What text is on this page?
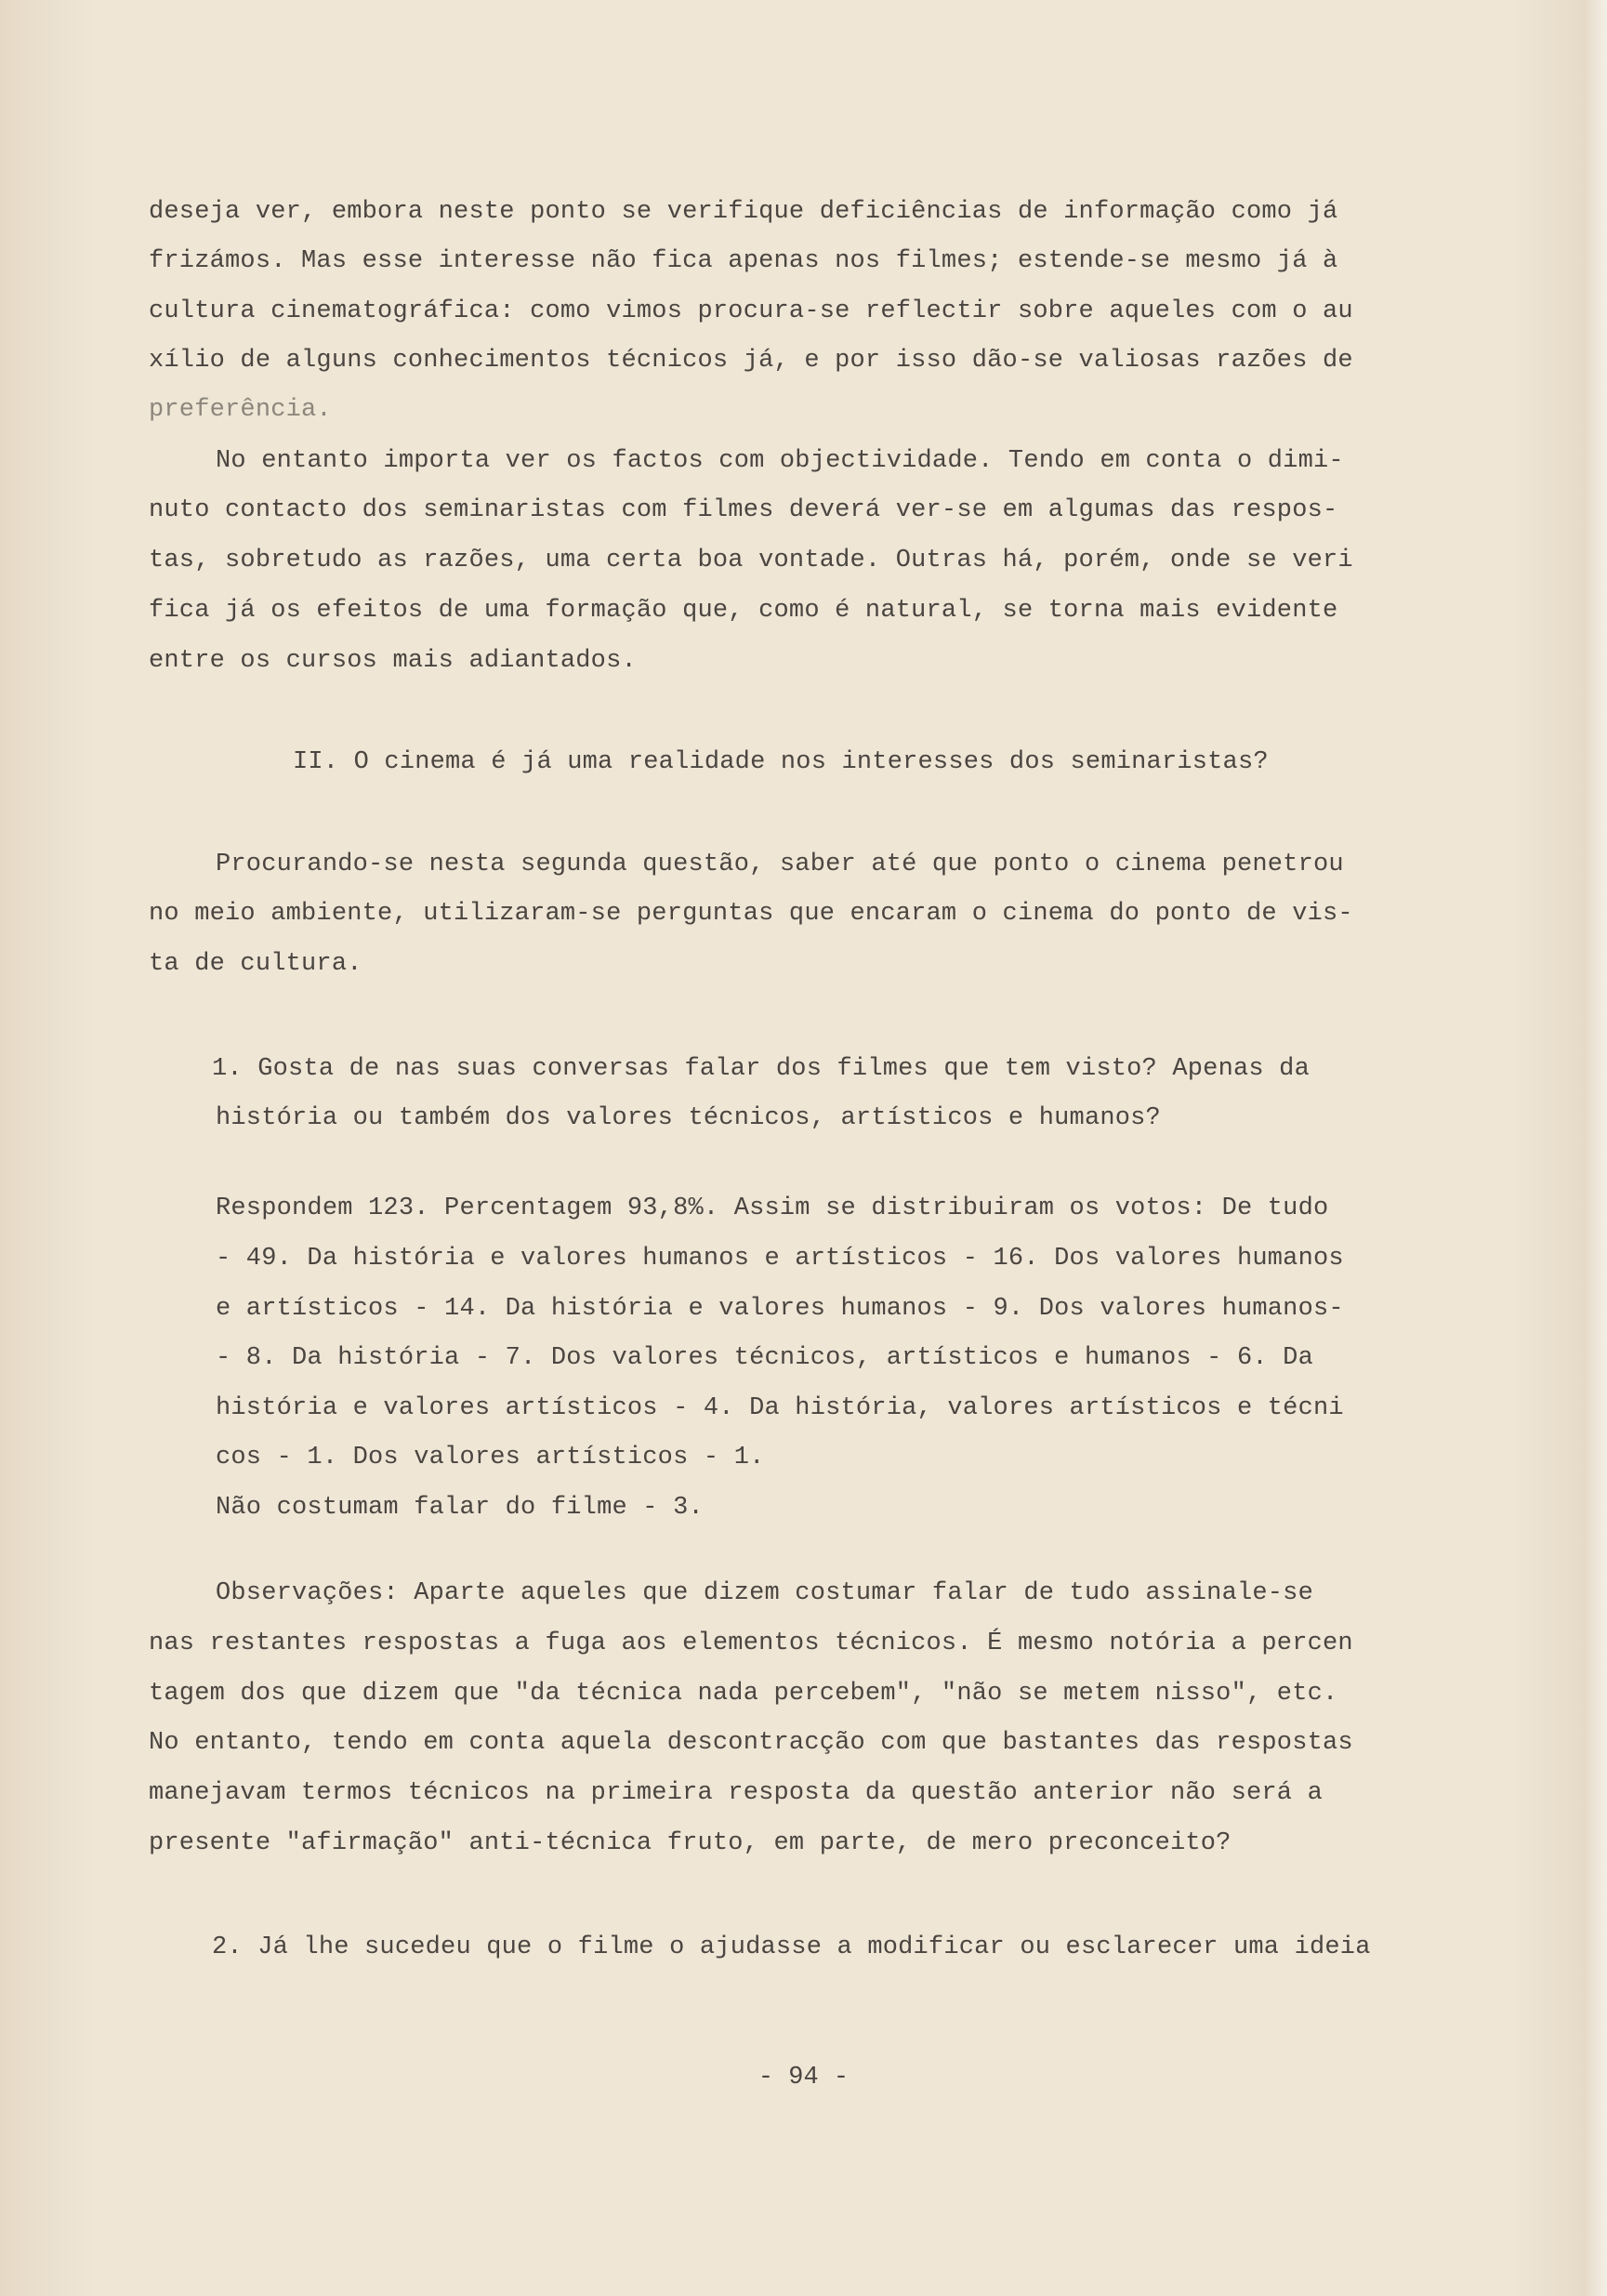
deseja ver, embora neste ponto se verifique deficiências de informação como já
frizámos. Mas esse interesse não fica apenas nos filmes; estende-se mesmo já à
cultura cinematográfica: como vimos procura-se reflectir sobre aqueles com o au
xílio de alguns conhecimentos técnicos já, e por isso dão-se valiosas razões de
preferência.
No entanto importa ver os factos com objectividade. Tendo em conta o dimi-
nuto contacto dos seminaristas com filmes deverá ver-se em algumas das respos-
tas, sobretudo as razões, uma certa boa vontade. Outras há, porém, onde se veri
fica já os efeitos de uma formação que, como é natural, se torna mais evidente
entre os cursos mais adiantados.
II. O cinema é já uma realidade nos interesses dos seminaristas?
Procurando-se nesta segunda questão, saber até que ponto o cinema penetrou
no meio ambiente, utilizaram-se perguntas que encaram o cinema do ponto de vis-
ta de cultura.
1. Gosta de nas suas conversas falar dos filmes que tem visto? Apenas da
história ou também dos valores técnicos, artísticos e humanos?
Respondem 123. Percentagem 93,8%. Assim se distribuiram os votos: De tudo
- 49. Da história e valores humanos e artísticos - 16. Dos valores humanos
e artísticos - 14. Da história e valores humanos - 9. Dos valores humanos-
- 8. Da história - 7. Dos valores técnicos, artísticos e humanos - 6. Da
história e valores artísticos - 4. Da história, valores artísticos e técni
cos - 1. Dos valores artísticos - 1.
Não costumam falar do filme - 3.
Observações: Aparte aqueles que dizem costumar falar de tudo assinale-se
nas restantes respostas a fuga aos elementos técnicos. É mesmo notória a percen
tagem dos que dizem que "da técnica nada percebem", "não se metem nisso", etc.
No entanto, tendo em conta aquela descontracção com que bastantes das respostas
manejavam termos técnicos na primeira resposta da questão anterior não será a
presente "afirmação" anti-técnica fruto, em parte, de mero preconceito?
2. Já lhe sucedeu que o filme o ajudasse a modificar ou esclarecer uma ideia
- 94 -
